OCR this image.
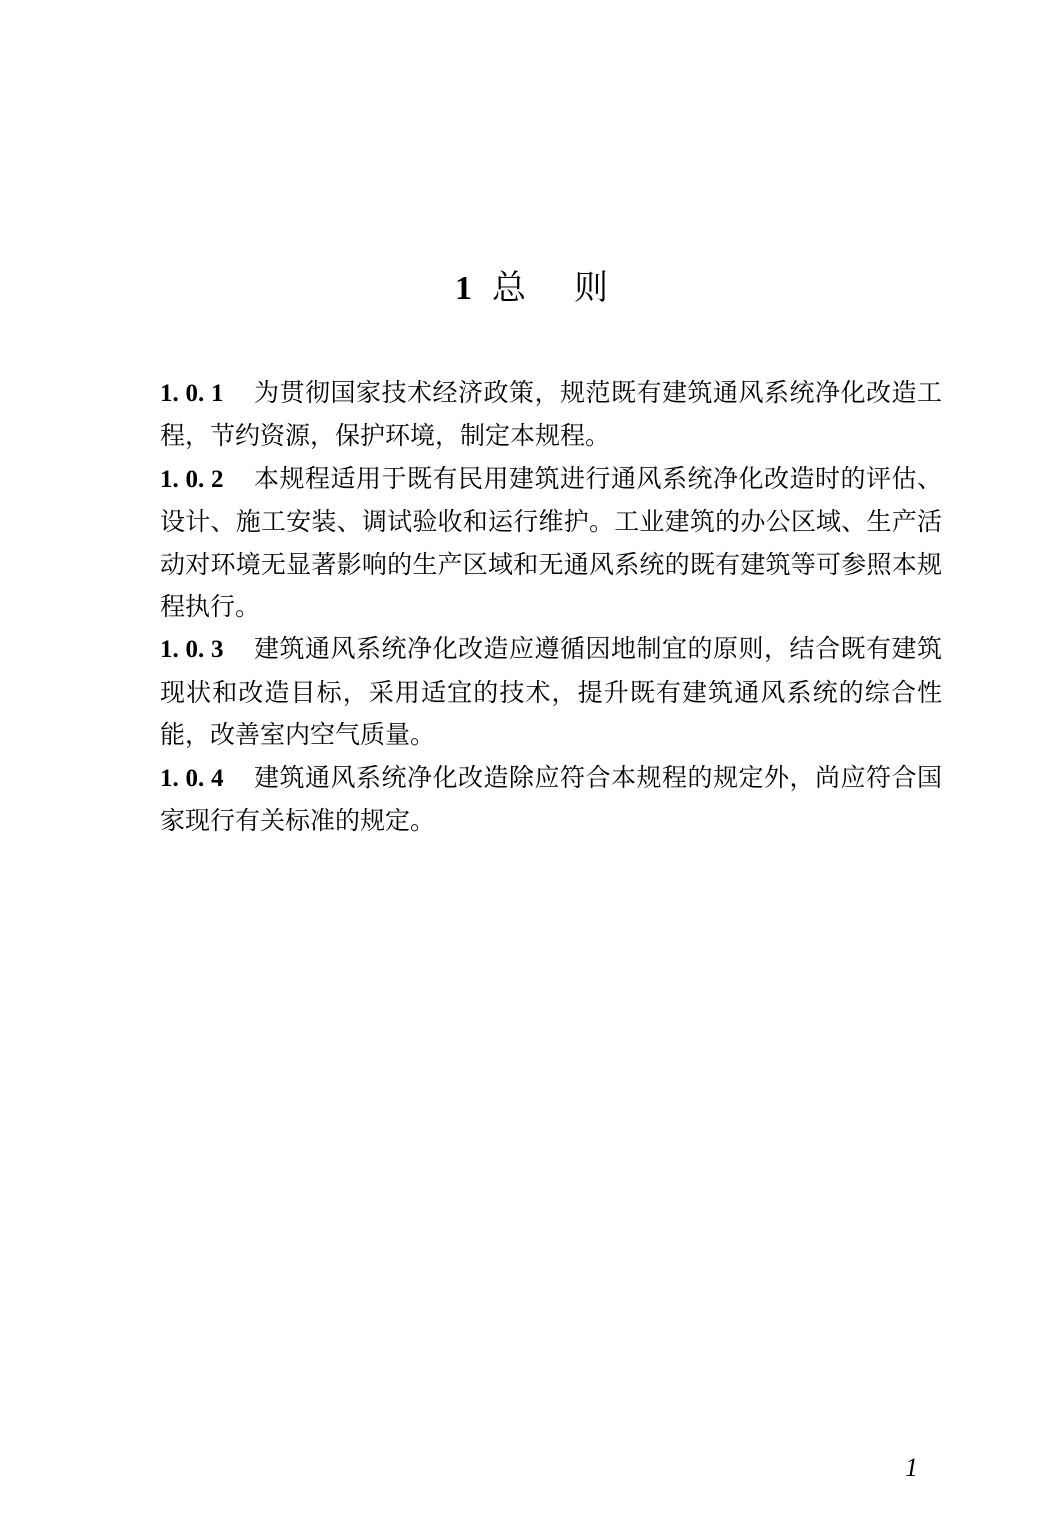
1 总则

1. 0. 1 为贯彻国家技术经济政策，规范既有建筑通风系统净化改造工程，节约资源，保护环境，制定本规程。

1. 0. 2 本规程适用于既有民用建筑进行通风系统净化改造时的评估、设计、施工安装、调试验收和运行维护。工业建筑的办公区域、生产活动对环境无显著影响的生产区域和无通风系统的既有建筑等可参照本规程执行。

1. 0. 3 建筑通风系统净化改造应遵循因地制宜的原则，结合既有建筑现状和改造目标，采用适宜的技术，提升既有建筑通风系统的综合性能，改善室内空气质量。

1. 0. 4 建筑通风系统净化改造除应符合本规程的规定外，尚应符合国家现行有关标准的规定。

1
